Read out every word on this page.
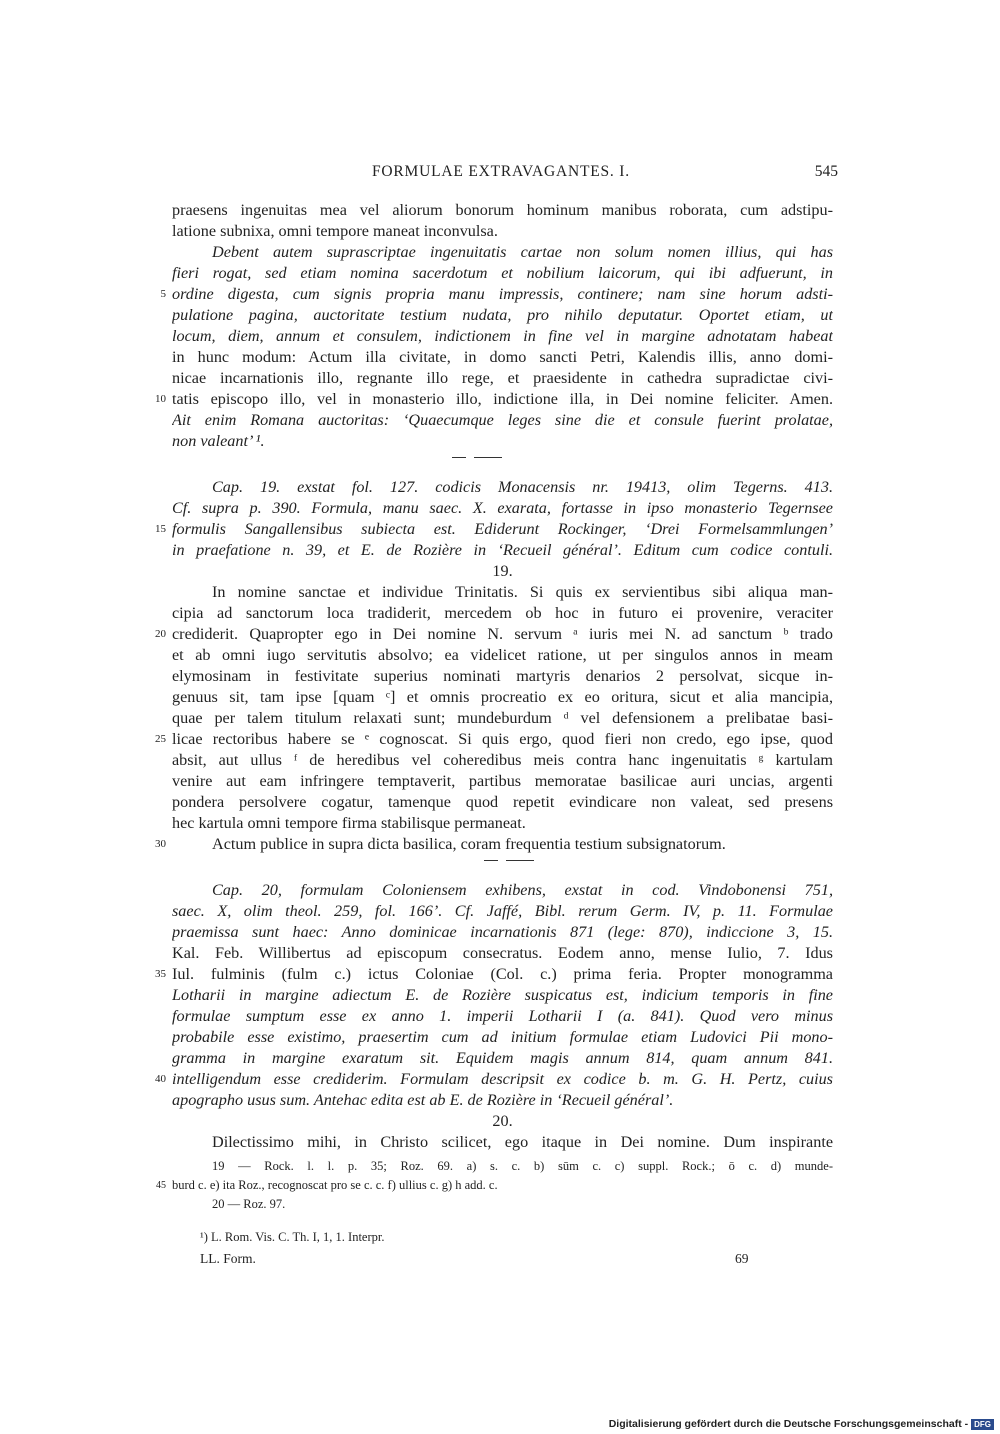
FORMULAE EXTRAVAGANTES. I.	545
praesens ingenuitas mea vel aliorum bonorum hominum manibus roborata, cum adstipu-
latione subnixa, omni tempore maneat inconvulsa.
Debent autem suprascriptae ingenuitatis cartae non solum nomen illius, qui has
fieri rogat, sed etiam nomina sacerdotum et nobilium laicorum, qui ibi adfuerunt, in
5 ordine digesta, cum signis propria manu impressis, continere; nam sine horum adsti-
pulatione pagina, auctoritate testium nudata, pro nihilo deputatur. Oportet etiam, ut
locum, diem, annum et consulem, indictionem in fine vel in margine adnotatam habeat
in hunc modum: Actum illa civitate, in domo sancti Petri, Kalendis illis, anno domi-
nicae incarnationis illo, regnante illo rege, et praesidente in cathedra supradictae civi-
10 tatis episcopo illo, vel in monasterio illo, indictione illa, in Dei nomine feliciter. Amen.
Ait enim Romana auctoritas: ‘Quaecumque leges sine die et consule fuerint prolatae,
non valeant’ ¹.
Cap. 19. exstat fol. 127. codicis Monacensis nr. 19413, olim Tegerns. 413.
Cf. supra p. 390. Formula, manu saec. X. exarata, fortasse in ipso monasterio Tegernsee
15 formulis Sangallensibus subiecta est. Ediderunt Rockinger, ‘Drei Formelsammlungen’
in praefatione n. 39, et E. de Rozière in ‘Recueil général’. Editum cum codice contuli.
19.
In nomine sanctae et individue Trinitatis. Si quis ex servientibus sibi aliqua man-
cipia ad sanctorum loca tradiderit, mercedem ob hoc in futuro ei provenire, veraciter
20 crediderit. Quapropter ego in Dei nomine N. servum ᵃ iuris mei N. ad sanctum ᵇ trado
et ab omni iugo servitutis absolvo; ea videlicet ratione, ut per singulos annos in meam
elymosinam in festivitate superius nominati martyris denarios 2 persolvat, sicque in-
genuus sit, tam ipse [quam ᶜ] et omnis procreatio ex eo oritura, sicut et alia mancipia,
quae per talem titulum relaxati sunt; mundeburdum ᵈ vel defensionem a prelibatae basi-
25 licae rectoribus habere se ᵉ cognoscat. Si quis ergo, quod fieri non credo, ego ipse, quod
absit, aut ullus ᶠ de heredibus vel coheredibus meis contra hanc ingenuitatis ᵍ kartulam
venire aut eam infringere temptaverit, partibus memoratae basilicae auri uncias, argenti
pondera persolvere cogatur, tamenque quod repetit evindicare non valeat, sed presens
hec kartula omni tempore firma stabilisque permaneat.
30	Actum publice in supra dicta basilica, coram frequentia testium subsignatorum.
Cap. 20, formulam Coloniensem exhibens, exstat in cod. Vindobonensi 751,
saec. X, olim theol. 259, fol. 166’. Cf. Jaffé, Bibl. rerum Germ. IV, p. 11. Formulae
praemissa sunt haec: Anno dominicae incarnationis 871 (lege: 870), indiccione 3, 15.
Kal. Feb. Willibertus ad episcopum consecratus. Eodem anno, mense Iulio, 7. Idus
35 Iul. fulminis (fulm c.) ictus Coloniae (Col. c.) prima feria. Propter monogramma
Lotharii in margine adiectum E. de Rozière suspicatus est, indicium temporis in fine
formulae sumptum esse ex anno 1. imperii Lotharii I (a. 841). Quod vero minus
probabile esse existimo, praesertim cum ad initium formulae etiam Ludovici Pii mono-
gramma in margine exaratum sit. Equidem magis annum 814, quam annum 841.
40 intelligendum esse crediderim. Formulam descripsit ex codice b. m. G. H. Pertz, cuius
apographo usus sum. Antehac edita est ab E. de Rozière in ‘Recueil général’.
20.
Dilectissimo mihi, in Christo scilicet, ego itaque in Dei nomine. Dum inspirante
19 — Rock. l. l. p. 35; Roz. 69. a) s. c. b) sūm c. c) suppl. Rock.; ō c. d) munde-
45 burd c. e) ita Roz., recognoscat pro se c. c. f) ullius c. g) h add. c.
20 — Roz. 97.
¹) L. Rom. Vis. C. Th. I, 1, 1. Interpr.
LL. Form.	69
Digitalisierung gefördert durch die Deutsche Forschungsgemeinschaft - DFG
